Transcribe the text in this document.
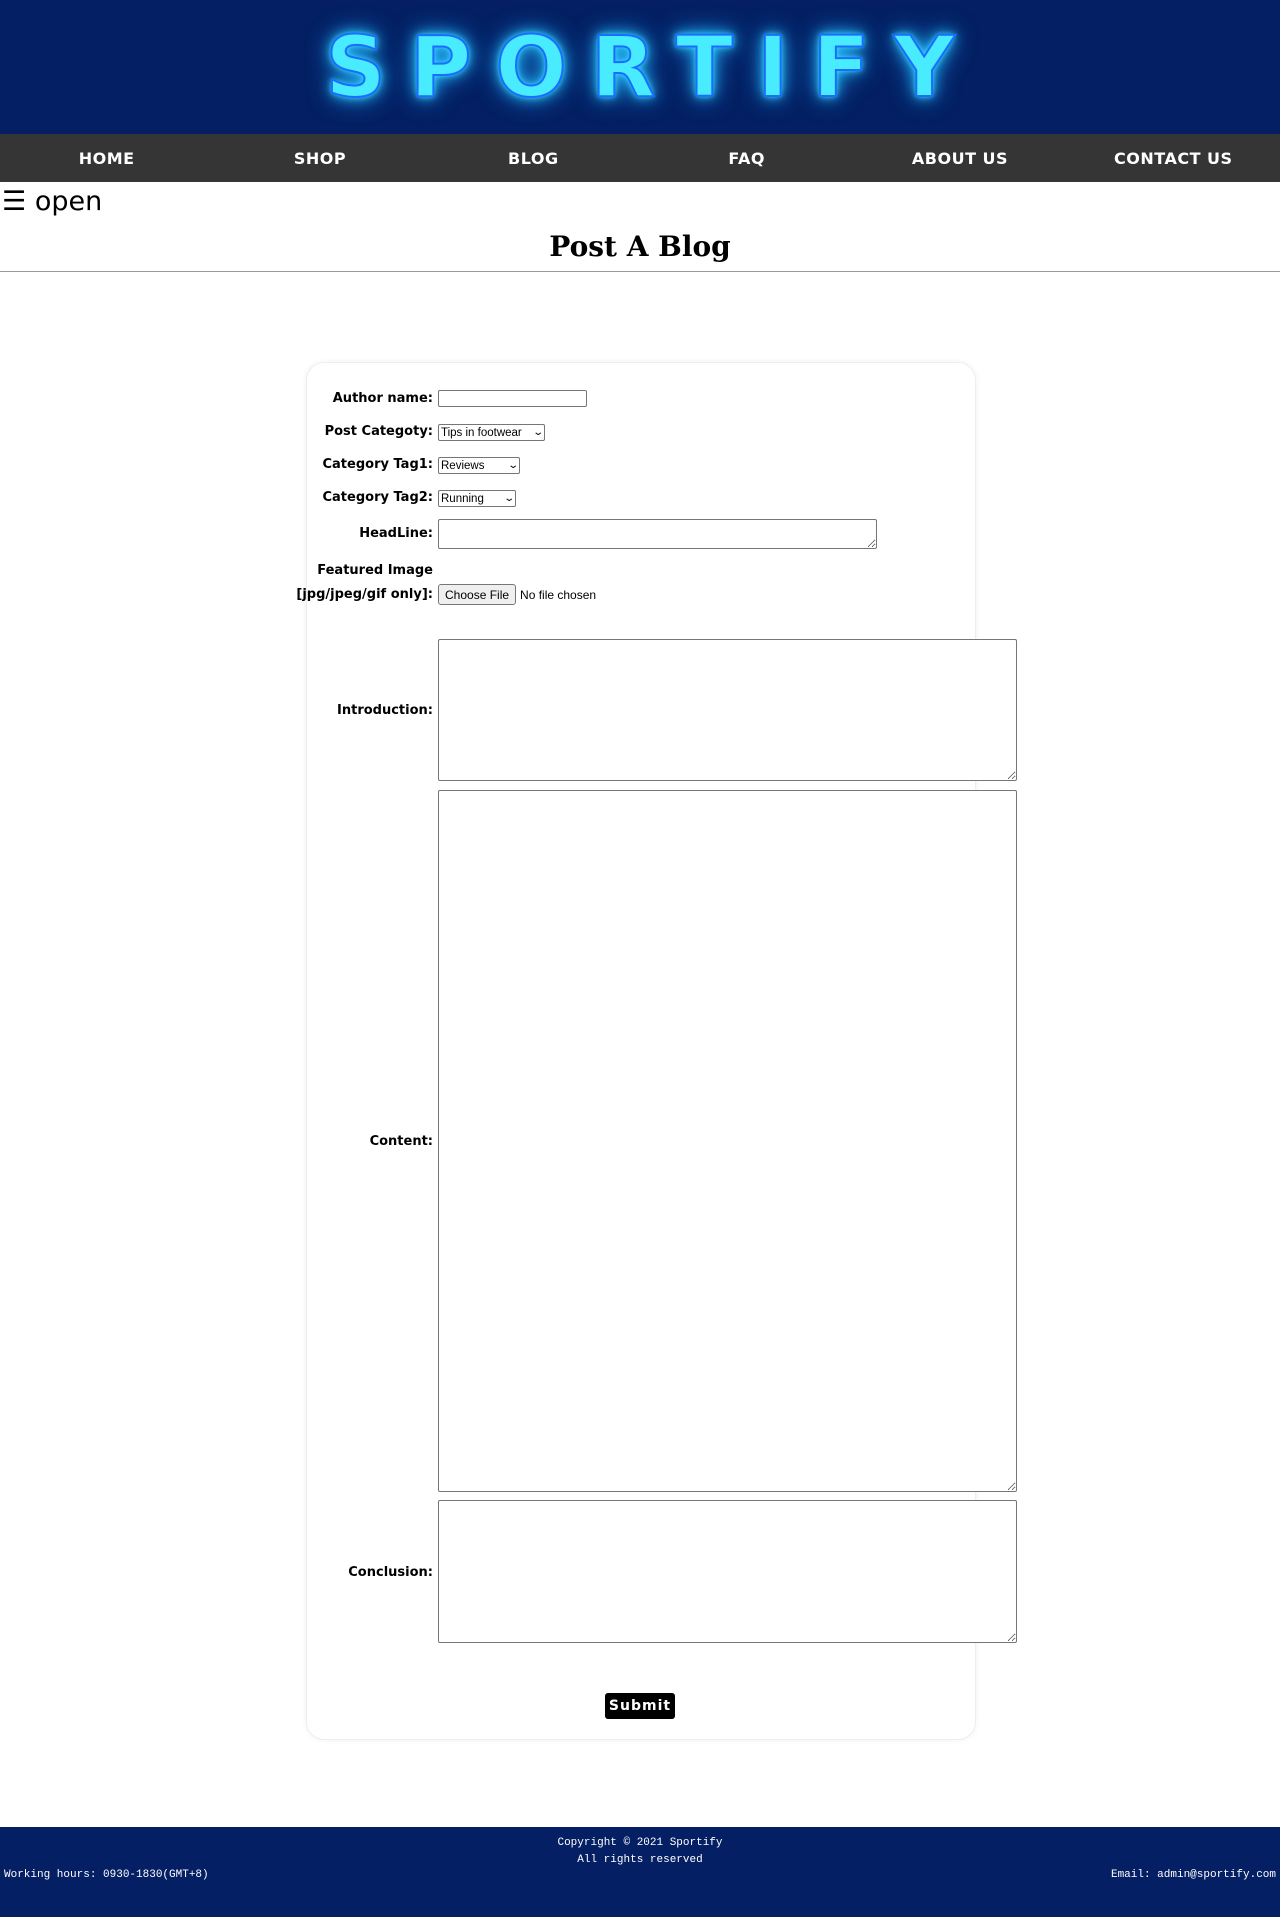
SPORTIFY
HOME	SHOP	BLOG	FAQ	ABOUT US	CONTACT US
☰ open
Post A Blog
Author name:
Post Categoty: Tips in footwear	⌄
Category Tag1: Reviews	⌄
Category Tag2: Running	⌄
HeadLine:
Featured Image [jpg/jpeg/gif only]:	Choose File No file chosen
Introduction:
Content:
Conclusion:
Submit
Copyright © 2021 Sportify
All rights reserved
Working hours: 0930-1830(GMT+8)	Email: admin@sportify.com
